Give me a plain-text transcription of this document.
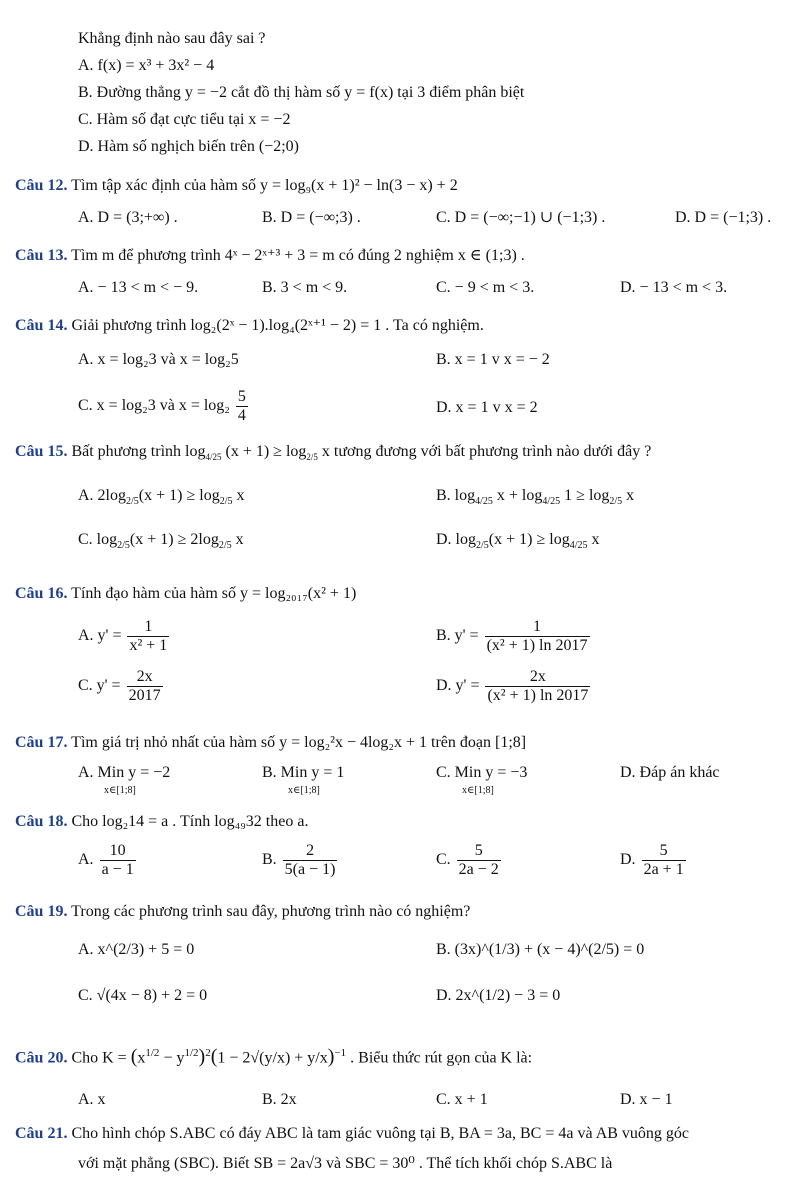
Khẳng định nào sau đây sai ?
A. f(x) = x³ + 3x² − 4
B. Đường thẳng y = −2 cắt đồ thị hàm số y = f(x) tại 3 điểm phân biệt
C. Hàm số đạt cực tiểu tại x = −2
D. Hàm số nghịch biến trên (−2;0)
Câu 12. Tìm tập xác định của hàm số y = log₉(x + 1)² − ln(3 − x) + 2
A. D = (3;+∞) .	B. D = (−∞;3) .	C. D = (−∞;−1) ∪ (−1;3) .	D. D = (−1;3) .
Câu 13. Tìm m để phương trình 4ˣ − 2ˣ⁺³ + 3 = m có đúng 2 nghiệm x ∈ (1;3) .
A. − 13 < m < − 9.	B. 3 < m < 9.	C. − 9 < m < 3.	D. − 13 < m < 3.
Câu 14. Giải phương trình log₂(2ˣ − 1).log₄(2ˣ⁺¹ − 2) = 1 . Ta có nghiệm.
A. x = log₂3 và x = log₂5	B. x = 1 v x = − 2
C. x = log₂3 và $x = \log_2 \frac{5}{4}$	D. x = 1 v x = 2
Câu 15. Bất phương trình $\log_{4/25} (x + 1) \ge \log_{2/5} x$ tương đương với bất phương trình nào dưới đây ?
A. $2\log_{2/5}(x + 1) \ge \log_{2/5} x$	B. $\log_{4/25} x + \log_{4/25} 1 \ge \log_{2/5} x$
C. $\log_{2/5}(x + 1) \ge 2\log_{2/5}$ x	D. $\log_{2/5}(x + 1) \ge \log_{4/25} x$
Câu 16. Tính đạo hàm của hàm số y = log₂₀₁₇(x² + 1)
A. $y' = \frac{1}{\text{x² + 1}}$	B. $y' = \frac{1}{\text{(x² + 1) ln 2017}}$
C. $y' = \frac{2x}{2017}$	D. $y' = \frac{2x}{\text{(x² + 1) ln 2017}}$
Câu 17. Tìm giá trị nhỏ nhất của hàm số y = log₂²x − 4log₂x + 1 trên đoạn [1;8]
A. Min y = −2
x∈[1;8]
B. Min y = 1
x∈[1;8]
C. Min y = −3
x∈[1;8]
D. Đáp án khác
Câu 18. Cho log₂14 = a . Tính log₄₉32 theo a.
A. $\frac{10}{a - 1}$	B. $\frac{2}{5(a - 1)}$	C. $\frac{5}{2a - 2}$	D. $\frac{5}{2a + 1}$
Câu 19. Trong các phương trình sau đây, phương trình nào có nghiệm?
A. x^(2/3) + 5 = 0	B. (3x)^(1/3) + (x − 4)^(2/5) = 0
C. √(4x − 8) + 2 = 0	D. 2x^(1/2) − 3 = 0
Câu 20. Cho $K = (x^{1/2} - y^{1/2})^2(1 - 2√(y/x) + y/x)^{-1}$ . Biểu thức rút gọn của K là:
A. x	B. 2x	C. x + 1	D. x − 1
Câu 21. Cho hình chóp S.ABC có đáy ABC là tam giác vuông tại B, BA = 3a, BC = 4a và AB vuông góc
với mặt phẳng (SBC). Biết SB = 2a√3 và SBC = 30⁰ . Thể tích khối chóp S.ABC là
